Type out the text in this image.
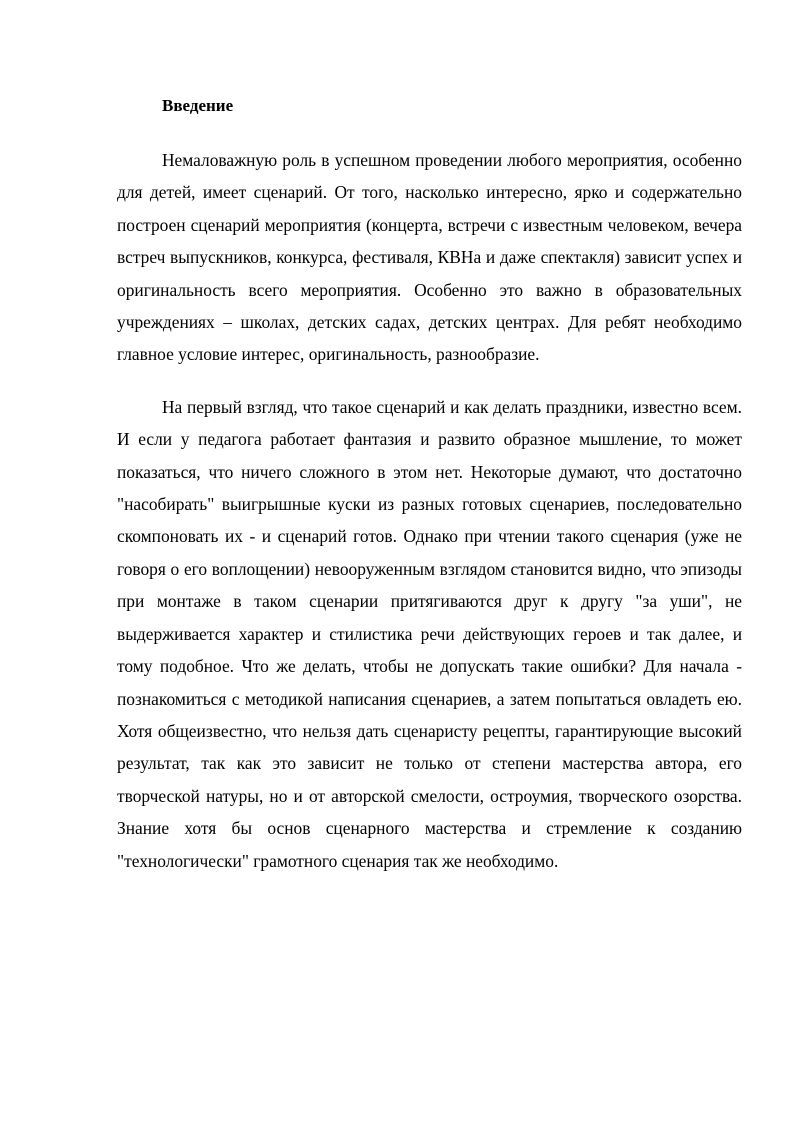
Введение

Немаловажную роль в успешном проведении любого мероприятия, особенно для детей, имеет сценарий. От того, насколько интересно, ярко и содержательно построен сценарий мероприятия (концерта, встречи с известным человеком, вечера встреч выпускников, конкурса, фестиваля, КВНа и даже спектакля) зависит успех и оригинальность всего мероприятия. Особенно это важно в образовательных учреждениях – школах, детских садах, детских центрах. Для ребят необходимо главное условие интерес, оригинальность, разнообразие.

На первый взгляд, что такое сценарий и как делать праздники, известно всем. И если у педагога работает фантазия и развито образное мышление, то может показаться, что ничего сложного в этом нет. Некоторые думают, что достаточно "насобирать" выигрышные куски из разных готовых сценариев, последовательно скомпоновать их - и сценарий готов. Однако при чтении такого сценария (уже не говоря о его воплощении) невооруженным взглядом становится видно, что эпизоды при монтаже в таком сценарии притягиваются друг к другу "за уши", не выдерживается характер и стилистика речи действующих героев и так далее, и тому подобное. Что же делать, чтобы не допускать такие ошибки? Для начала - познакомиться с методикой написания сценариев, а затем попытаться овладеть ею. Хотя общеизвестно, что нельзя дать сценаристу рецепты, гарантирующие высокий результат, так как это зависит не только от степени мастерства автора, его творческой натуры, но и от авторской смелости, остроумия, творческого озорства. Знание хотя бы основ сценарного мастерства и стремление к созданию "технологически" грамотного сценария так же необходимо.
